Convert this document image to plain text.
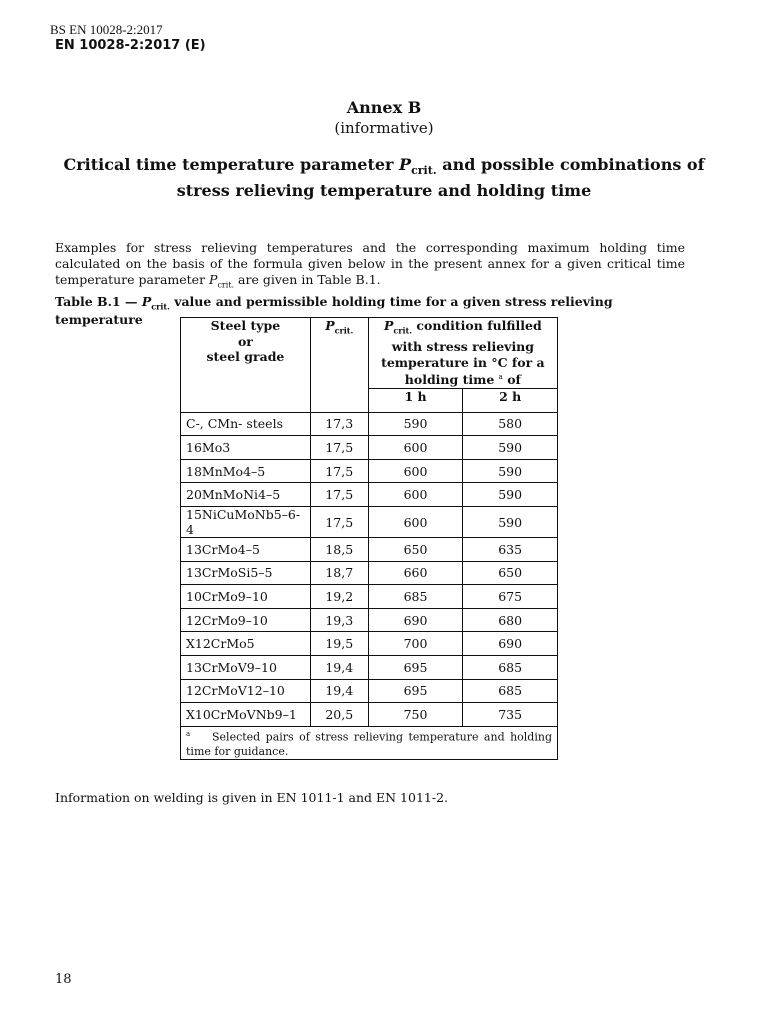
BS EN 10028-2:2017
EN 10028-2:2017 (E)
Annex B
(informative)
Critical time temperature parameter $P_{crit.}$ and possible combinations of stress relieving temperature and holding time
Examples for stress relieving temperatures and the corresponding maximum holding time calculated on the basis of the formula given below in the present annex for a given critical time temperature parameter $P_{crit.}$ are given in Table B.1.
Table B.1 — $P_{crit.}$ value and permissible holding time for a given stress relieving temperature	Steel type
or
steel grade	$P_{crit.}$	$P_{crit.}$ condition fulfilled with stress relieving temperature in °C for a holding time $^a$ of	
		1 h	2 h
C-, CMn- steels	17,3	590	580
16Mo3	17,5	600	590
18MnMo4–5	17,5	600	590
20MnMoNi4–5	17,5	600	590
15NiCuMoNb5–6-4	17,5	600	590
13CrMo4–5	18,5	650	635
13CrMoSi5–5	18,7	660	650
10CrMo9–10	19,2	685	675
12CrMo9–10	19,3	690	680
X12CrMo5	19,5	700	690
13CrMoV9–10	19,4	695	685
12CrMoV12–10	19,4	695	685
X10CrMoVNb9–1	20,5	750	735
$^a$ Selected pairs of stress relieving temperature and holding time for guidance.			
Information on welding is given in EN 1011-1 and EN 1011-2.
18
